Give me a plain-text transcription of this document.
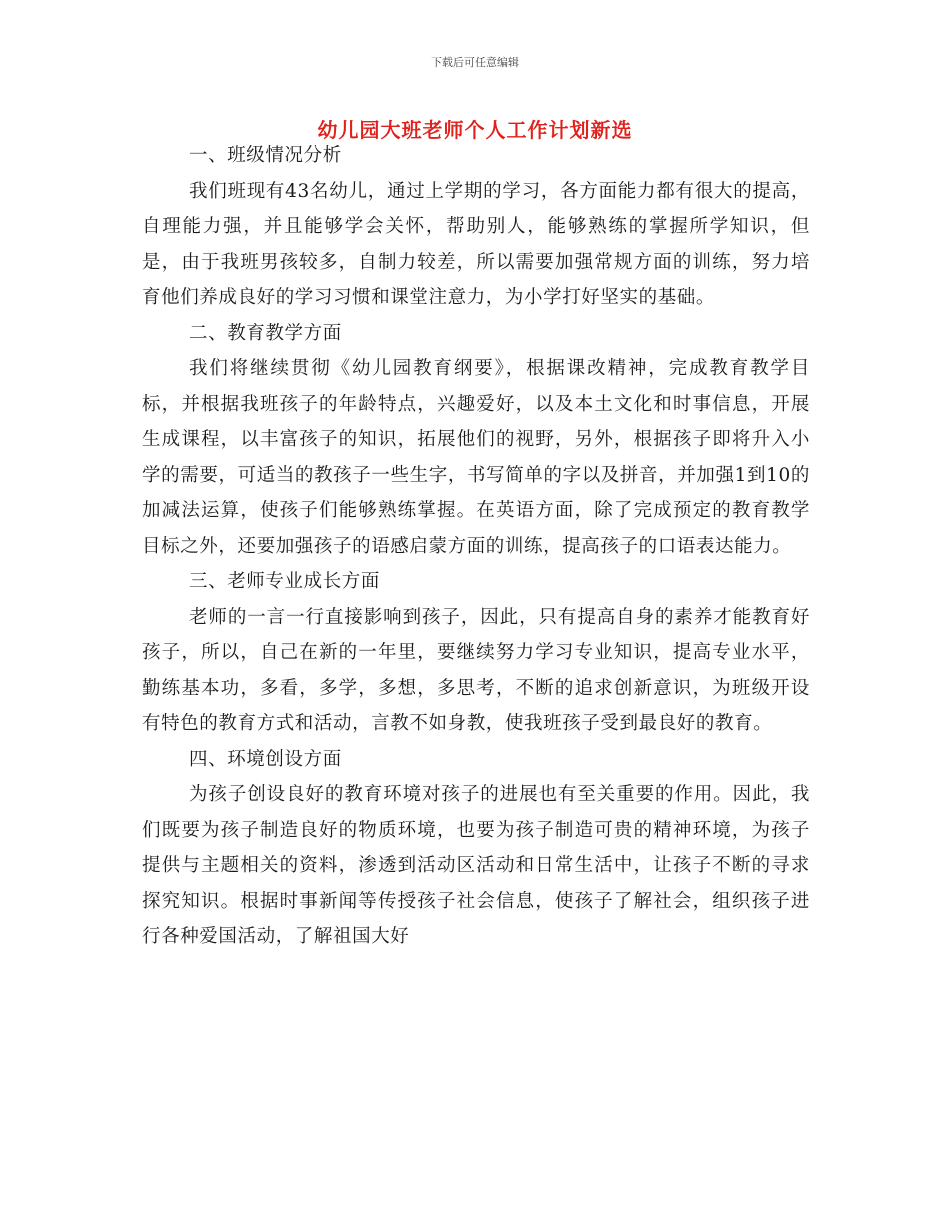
下载后可任意编辑
幼儿园大班老师个人工作计划新选

一、班级情况分析

我们班现有43名幼儿，通过上学期的学习，各方面能力都有很大的提高，自理能力强，并且能够学会关怀，帮助别人，能够熟练的掌握所学知识，但是，由于我班男孩较多，自制力较差，所以需要加强常规方面的训练，努力培育他们养成良好的学习习惯和课堂注意力，为小学打好坚实的基础。

二、教育教学方面

我们将继续贯彻《幼儿园教育纲要》，根据课改精神，完成教育教学目标，并根据我班孩子的年龄特点，兴趣爱好，以及本土文化和时事信息，开展生成课程，以丰富孩子的知识，拓展他们的视野，另外，根据孩子即将升入小学的需要，可适当的教孩子一些生字，书写简单的字以及拼音，并加强1到10的加减法运算，使孩子们能够熟练掌握。在英语方面，除了完成预定的教育教学目标之外，还要加强孩子的语感启蒙方面的训练，提高孩子的口语表达能力。

三、老师专业成长方面

老师的一言一行直接影响到孩子，因此，只有提高自身的素养才能教育好孩子，所以，自己在新的一年里，要继续努力学习专业知识，提高专业水平，勤练基本功，多看，多学，多想，多思考，不断的追求创新意识，为班级开设有特色的教育方式和活动，言教不如身教，使我班孩子受到最良好的教育。

四、环境创设方面

为孩子创设良好的教育环境对孩子的进展也有至关重要的作用。因此，我们既要为孩子制造良好的物质环境，也要为孩子制造可贵的精神环境，为孩子提供与主题相关的资料，渗透到活动区活动和日常生活中，让孩子不断的寻求探究知识。根据时事新闻等传授孩子社会信息，使孩子了解社会，组织孩子进行各种爱国活动，了解祖国大好
